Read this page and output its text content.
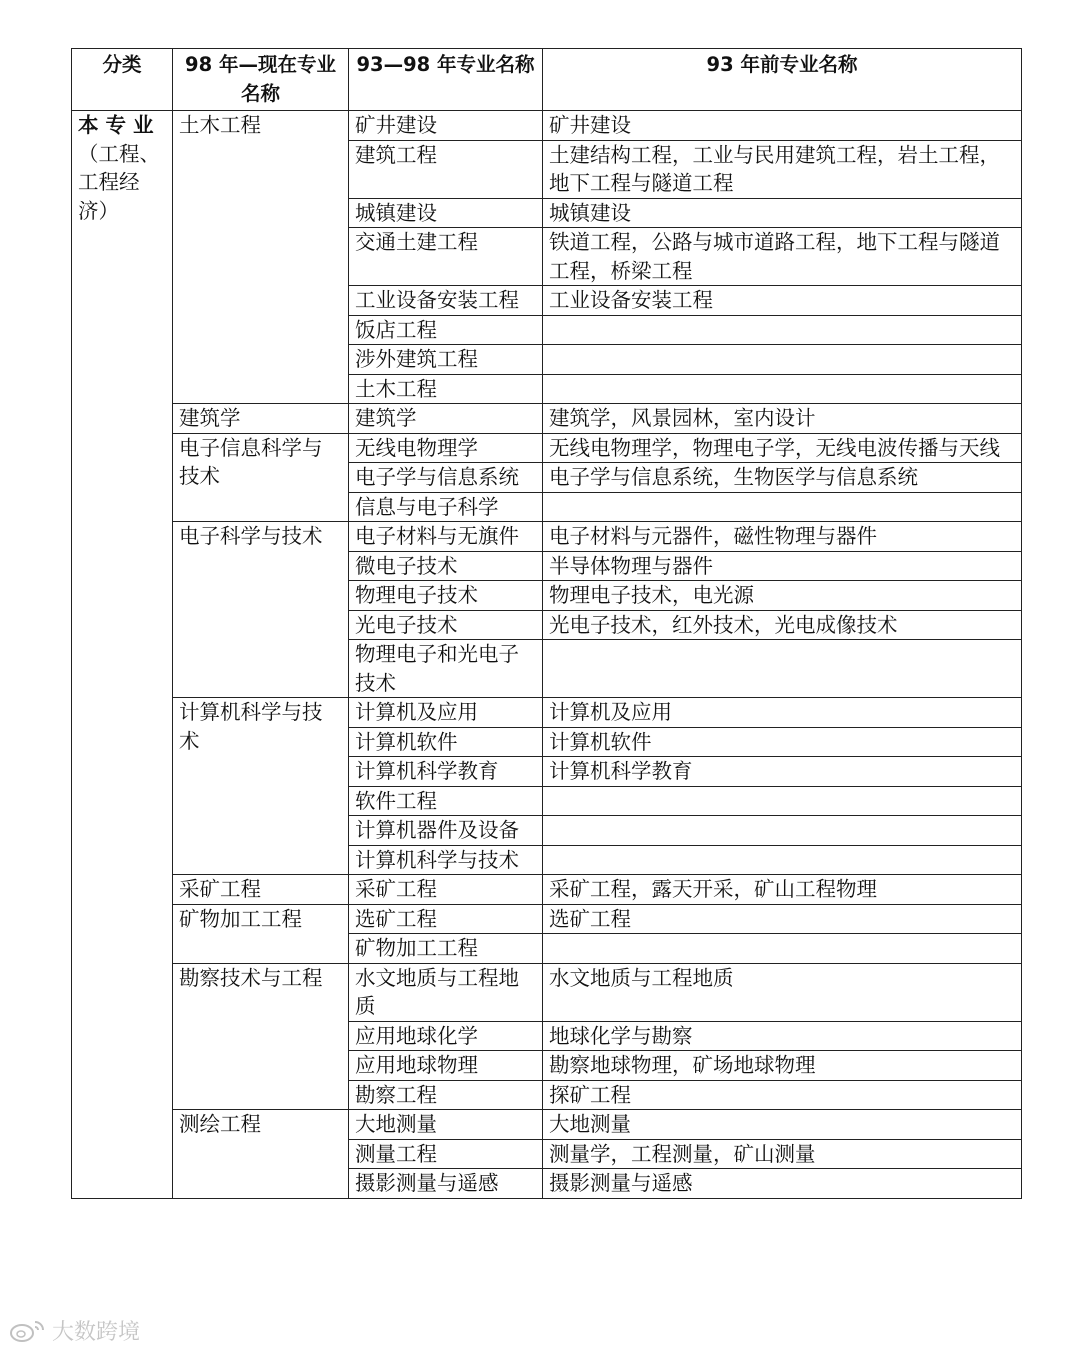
分类	98 年—现在专业名称	93—98 年专业名称	93 年前专业名称

本专业
（工程、工程经济）	土木工程	矿井建设	矿井建设
		建筑工程	土建结构工程，工业与民用建筑工程，岩土工程，地下工程与隧道工程
		城镇建设	城镇建设
		交通土建工程	铁道工程，公路与城市道路工程，地下工程与隧道工程，桥梁工程
		工业设备安装工程	工业设备安装工程
		饭店工程	
		涉外建筑工程	
		土木工程	
	建筑学	建筑学	建筑学，风景园林，室内设计
	电子信息科学与技术	无线电物理学	无线电物理学，物理电子学，无线电波传播与天线
		电子学与信息系统	电子学与信息系统，生物医学与信息系统
		信息与电子科学	
	电子科学与技术	电子材料与无旗件	电子材料与元器件，磁性物理与器件
		微电子技术	半导体物理与器件
		物理电子技术	物理电子技术，电光源
		光电子技术	光电子技术，红外技术，光电成像技术
		物理电子和光电子技术	
	计算机科学与技术	计算机及应用	计算机及应用
		计算机软件	计算机软件
		计算机科学教育	计算机科学教育
		软件工程	
		计算机器件及设备	
		计算机科学与技术	
	采矿工程	采矿工程	采矿工程，露天开采，矿山工程物理
	矿物加工工程	选矿工程	选矿工程
		矿物加工工程	
	勘察技术与工程	水文地质与工程地质	水文地质与工程地质
		应用地球化学	地球化学与勘察
		应用地球物理	勘察地球物理，矿场地球物理
		勘察工程	探矿工程
	测绘工程	大地测量	大地测量
		测量工程	测量学，工程测量，矿山测量
		摄影测量与遥感	摄影测量与遥感
大数跨境
